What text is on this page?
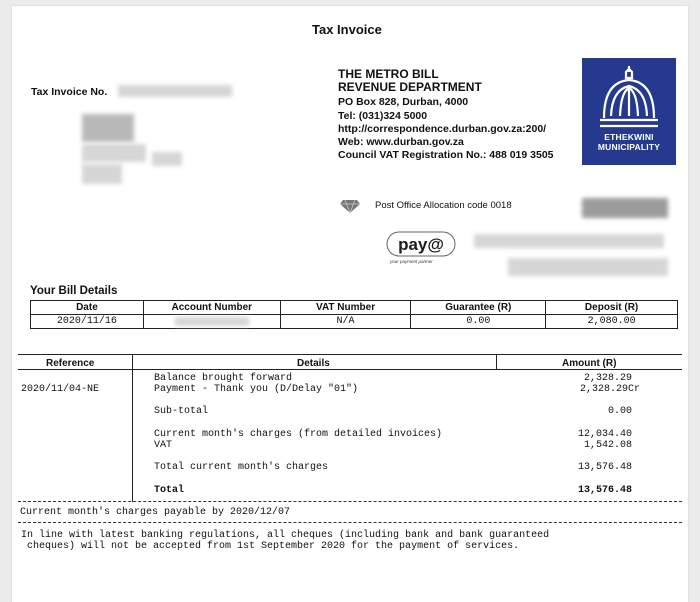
Tax Invoice
Tax Invoice No.
THE METRO BILL
REVENUE DEPARTMENT
PO Box 828, Durban, 4000
Tel: (031)324 5000
http://correspondence.durban.gov.za:200/
Web: www.durban.gov.za
Council VAT Registration No.: 488 019 3505
ETHEKWINI
MUNICIPALITY
Post Office Allocation code 0018
pay@
your payment partner
Your Bill Details
Date	Account Number	VAT Number	Guarantee (R)	Deposit (R)
2020/11/16		N/A	0.00	2,080.00
Reference	Details	Amount (R)
2020/11/04-NE
Balance brought forward	2,328.29
Payment - Thank you (D/Delay "01")	2,328.29Cr
Sub-total	0.00
Current month's charges (from detailed invoices)	12,034.40
VAT	1,542.08
Total current month's charges	13,576.48
Total	13,576.48
Current month's charges payable by 2020/12/07
In line with latest banking regulations, all cheques (including bank and bank guaranteed
cheques) will not be accepted from 1st September 2020 for the payment of services.
